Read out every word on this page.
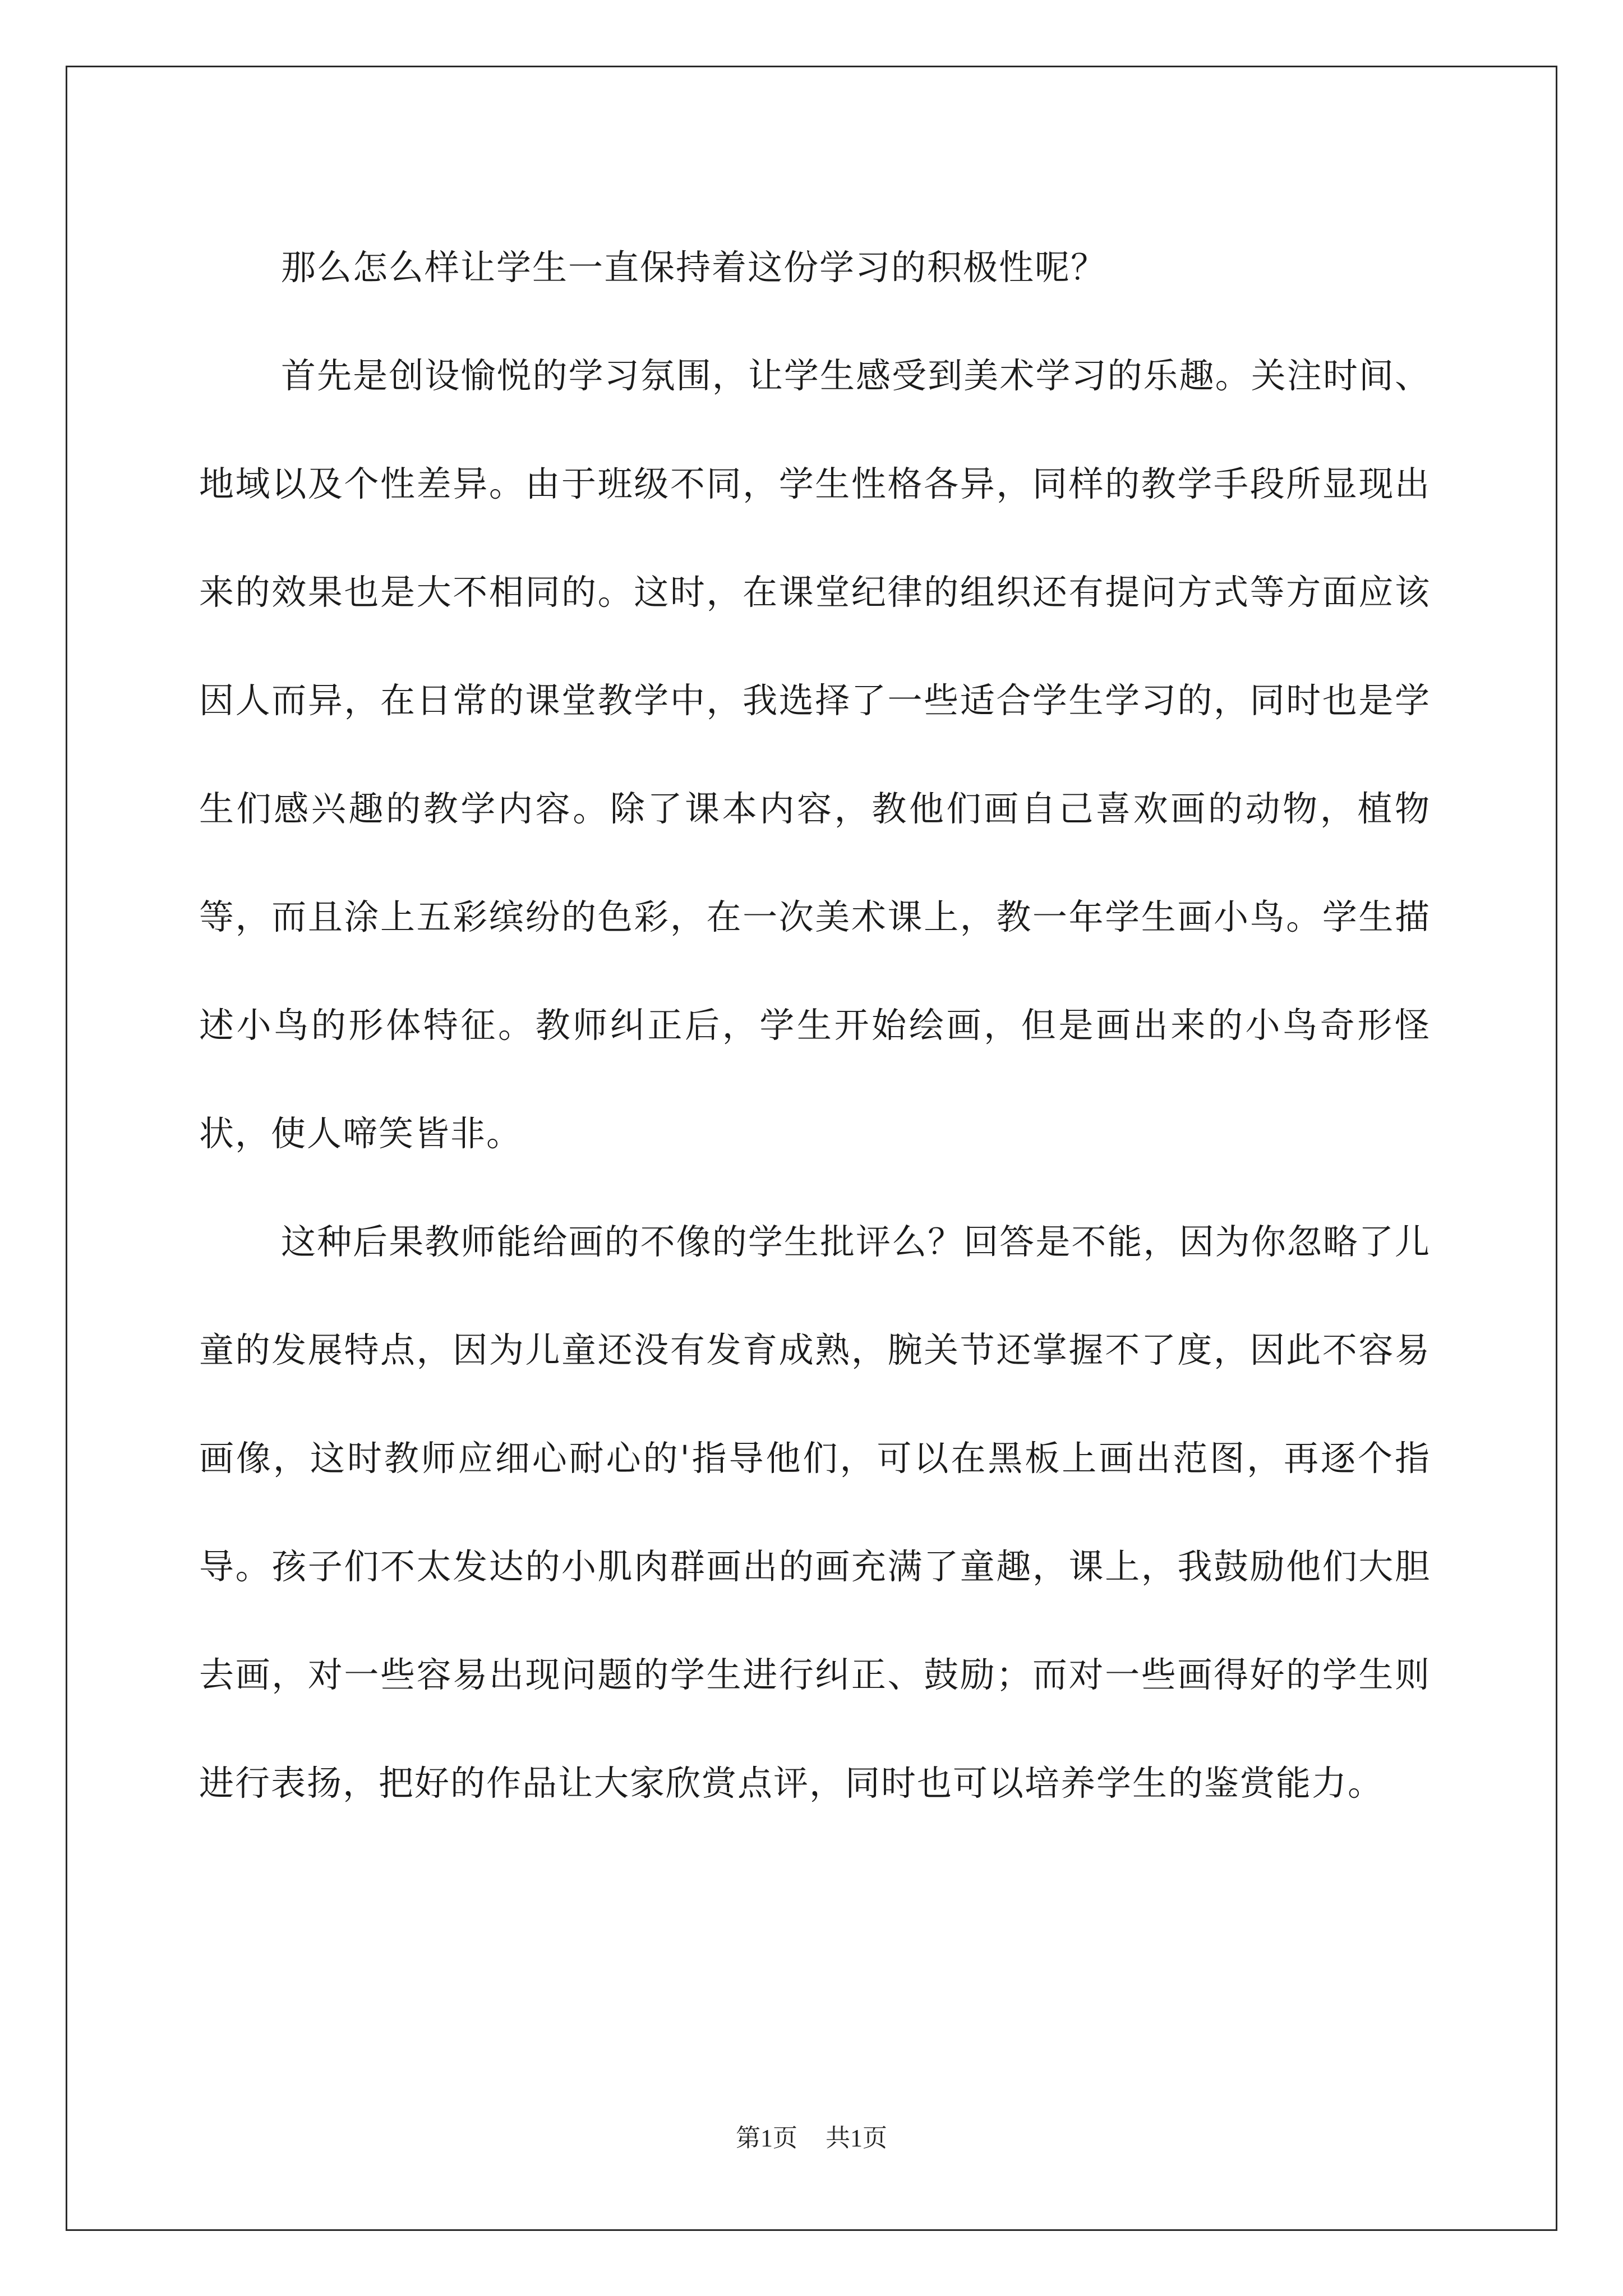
那么怎么样让学生一直保持着这份学习的积极性呢？

首先是创设愉悦的学习氛围，让学生感受到美术学习的乐趣。关注时间、地域以及个性差异。由于班级不同，学生性格各异，同样的教学手段所显现出来的效果也是大不相同的。这时，在课堂纪律的组织还有提问方式等方面应该因人而异，在日常的课堂教学中，我选择了一些适合学生学习的，同时也是学生们感兴趣的教学内容。除了课本内容，教他们画自己喜欢画的动物，植物等，而且涂上五彩缤纷的色彩，在一次美术课上，教一年学生画小鸟。学生描述小鸟的形体特征。教师纠正后，学生开始绘画，但是画出来的小鸟奇形怪状，使人啼笑皆非。

这种后果教师能给画的不像的学生批评么？回答是不能，因为你忽略了儿童的发展特点，因为儿童还没有发育成熟，腕关节还掌握不了度，因此不容易画像，这时教师应细心耐心的'指导他们，可以在黑板上画出范图，再逐个指导。孩子们不太发达的小肌肉群画出的画充满了童趣，课上，我鼓励他们大胆去画，对一些容易出现问题的学生进行纠正、鼓励；而对一些画得好的学生则进行表扬，把好的作品让大家欣赏点评，同时也可以培养学生的鉴赏能力。

第1页 共1页
